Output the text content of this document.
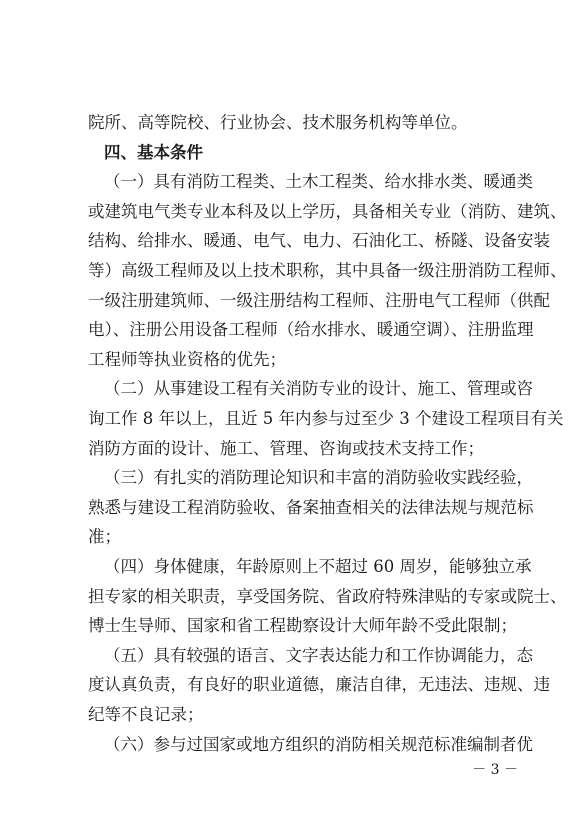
－ 3 －
院所、高等院校、行业协会、技术服务机构等单位。
四、基本条件
（一）具有消防工程类、土木工程类、给水排水类、暖通类
或建筑电气类专业本科及以上学历，具备相关专业（消防、建筑、
结构、给排水、暖通、电气、电力、石油化工、桥隧、设备安装
等）高级工程师及以上技术职称，其中具备一级注册消防工程师、
一级注册建筑师、一级注册结构工程师、注册电气工程师（供配
电）、注册公用设备工程师（给水排水、暖通空调）、注册监理
工程师等执业资格的优先；
（二）从事建设工程有关消防专业的设计、施工、管理或咨
询工作 8 年以上，且近 5 年内参与过至少 3 个建设工程项目有关
消防方面的设计、施工、管理、咨询或技术支持工作；
（三）有扎实的消防理论知识和丰富的消防验收实践经验，
熟悉与建设工程消防验收、备案抽查相关的法律法规与规范标
准；
（四）身体健康，年龄原则上不超过 60 周岁，能够独立承
担专家的相关职责，享受国务院、省政府特殊津贴的专家或院士、
博士生导师、国家和省工程勘察设计大师年龄不受此限制；
（五）具有较强的语言、文字表达能力和工作协调能力，态
度认真负责，有良好的职业道德，廉洁自律，无违法、违规、违
纪等不良记录；
（六）参与过国家或地方组织的消防相关规范标准编制者优
